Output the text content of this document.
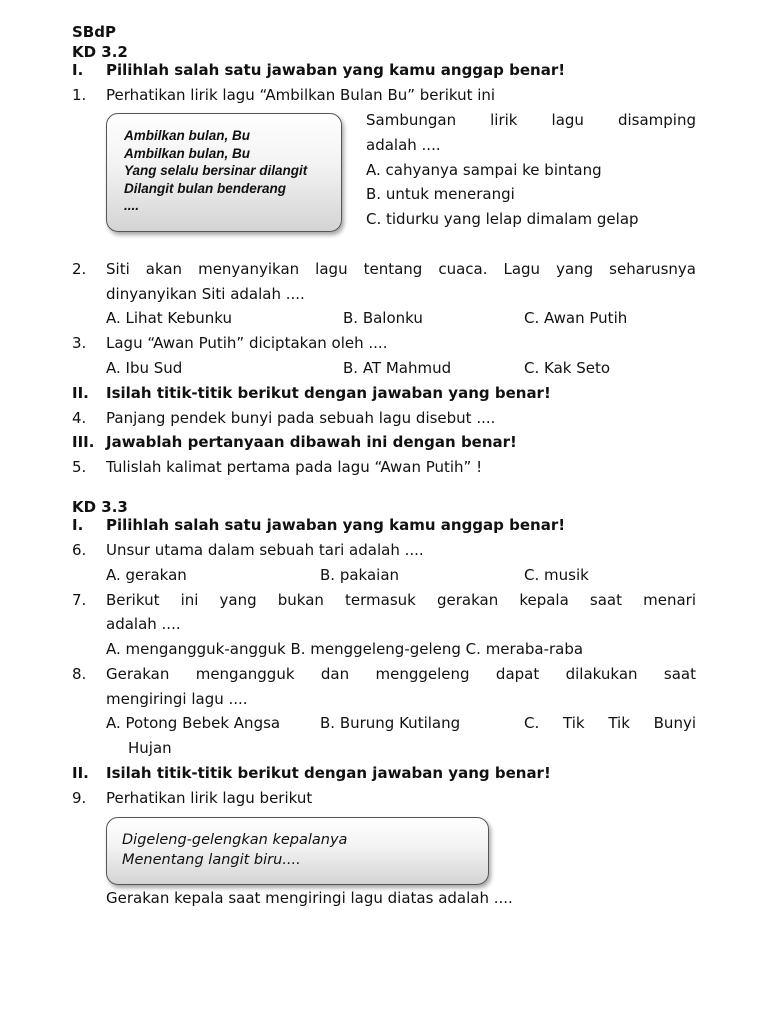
SBdP
KD 3.2
I. Pilihlah salah satu jawaban yang kamu anggap benar!
1. Perhatikan lirik lagu “Ambilkan Bulan Bu” berikut ini
Ambilkan bulan, Bu
Ambilkan bulan, Bu
Yang selalu bersinar dilangit
Dilangit bulan benderang
....
Sambungan lirik lagu disamping
adalah ....
A. cahyanya sampai ke bintang
B. untuk menerangi
C. tidurku yang lelap dimalam gelap
2. Siti akan menyanyikan lagu tentang cuaca. Lagu yang seharusnya
dinyanyikan Siti adalah ....
A. Lihat Kebunku	B. Balonku	C. Awan Putih
3. Lagu “Awan Putih” diciptakan oleh ....
A. Ibu Sud	B. AT Mahmud	C. Kak Seto
II. Isilah titik-titik berikut dengan jawaban yang benar!
4. Panjang pendek bunyi pada sebuah lagu disebut ....
III. Jawablah pertanyaan dibawah ini dengan benar!
5. Tulislah kalimat pertama pada lagu “Awan Putih” !
KD 3.3
I. Pilihlah salah satu jawaban yang kamu anggap benar!
6. Unsur utama dalam sebuah tari adalah ....
A. gerakan	B. pakaian	C. musik
7. Berikut ini yang bukan termasuk gerakan kepala saat menari
adalah ....
A. mengangguk-angguk B. menggeleng-geleng C. meraba-raba
8. Gerakan mengangguk dan menggeleng dapat dilakukan saat
mengiringi lagu ....
A. Potong Bebek Angsa	B. Burung Kutilang	C. Tik Tik Bunyi
Hujan
II. Isilah titik-titik berikut dengan jawaban yang benar!
9. Perhatikan lirik lagu berikut
Digeleng-gelengkan kepalanya
Menentang langit biru....
Gerakan kepala saat mengiringi lagu diatas adalah ....
